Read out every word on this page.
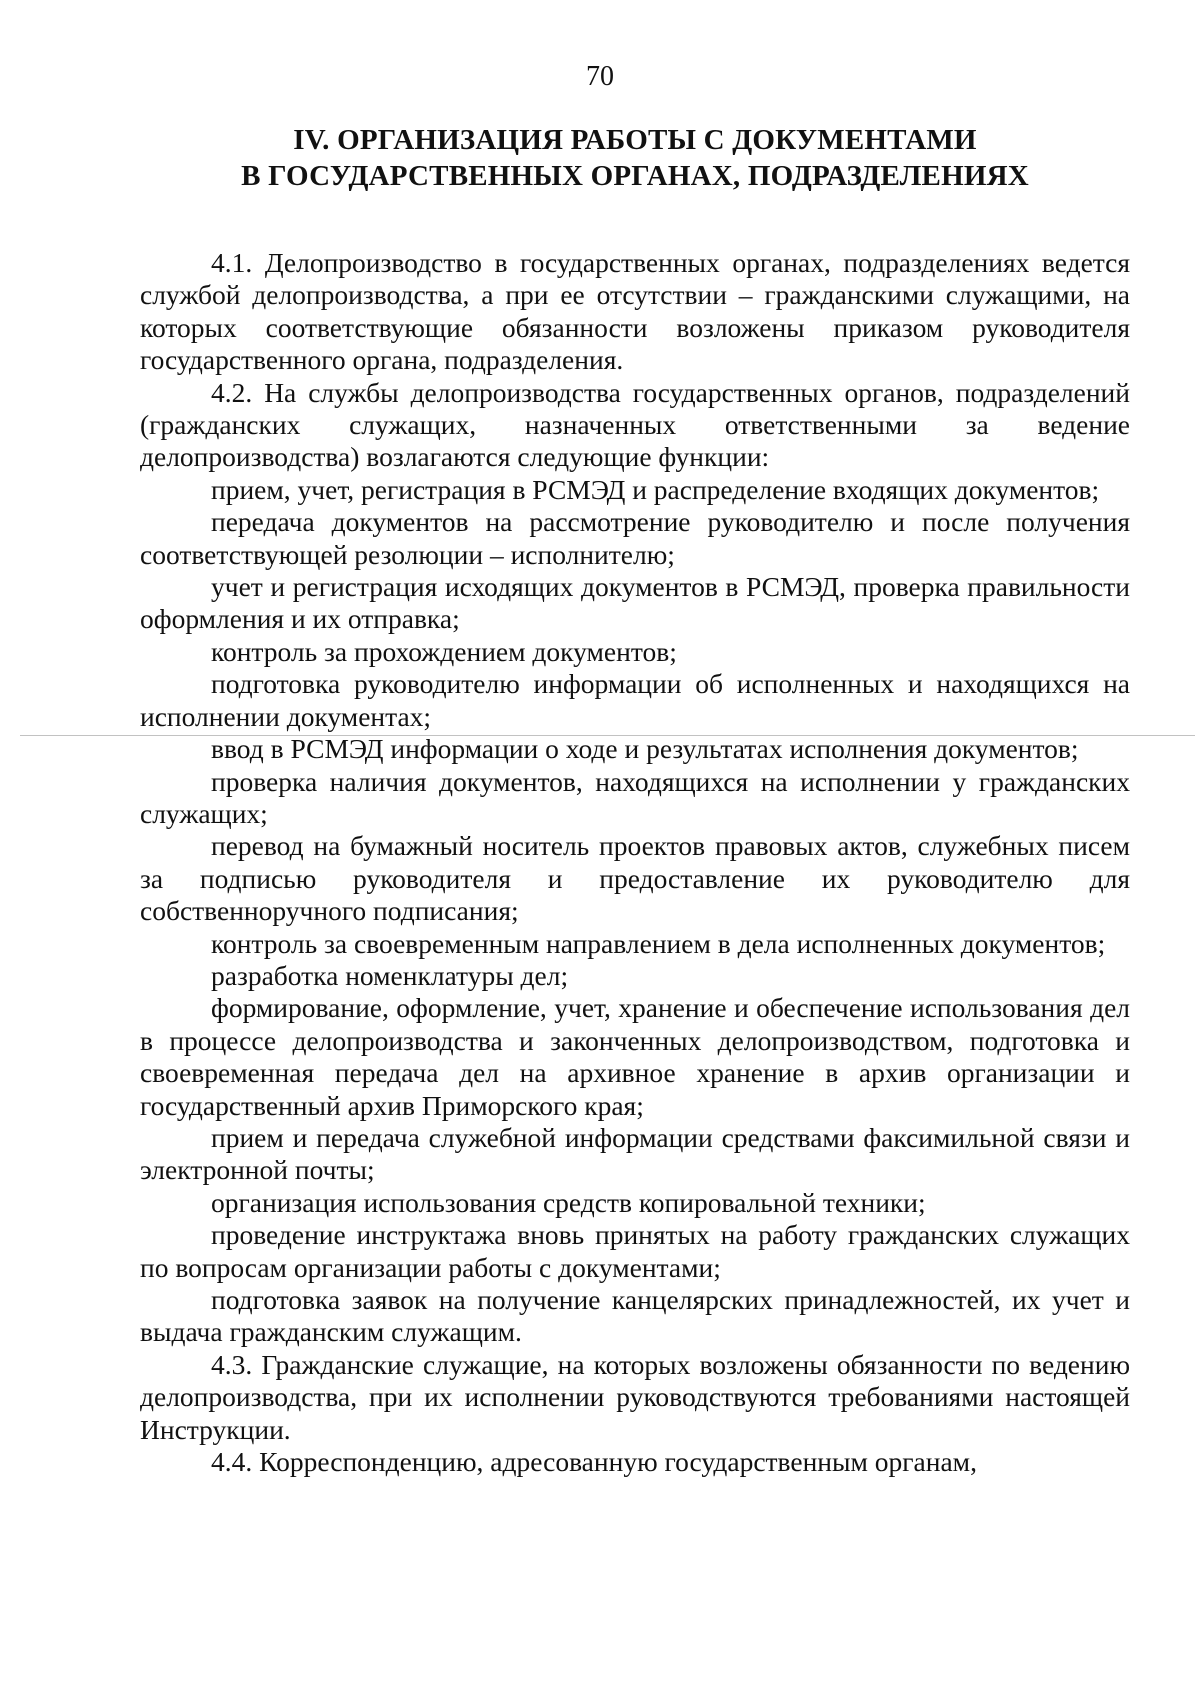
70
IV. ОРГАНИЗАЦИЯ РАБОТЫ С ДОКУМЕНТАМИ
В ГОСУДАРСТВЕННЫХ ОРГАНАХ, ПОДРАЗДЕЛЕНИЯХ

4.1. Делопроизводство в государственных органах, подразделениях ведется службой делопроизводства, а при ее отсутствии – гражданскими служащими, на которых соответствующие обязанности возложены приказом руководителя государственного органа, подразделения.

4.2. На службы делопроизводства государственных органов, подразделений (гражданских служащих, назначенных ответственными за ведение делопроизводства) возлагаются следующие функции:

прием, учет, регистрация в РСМЭД и распределение входящих документов;

передача документов на рассмотрение руководителю и после получения соответствующей резолюции – исполнителю;

учет и регистрация исходящих документов в РСМЭД, проверка правильности оформления и их отправка;

контроль за прохождением документов;

подготовка руководителю информации об исполненных и находящихся на исполнении документах;

ввод в РСМЭД информации о ходе и результатах исполнения документов;

проверка наличия документов, находящихся на исполнении у гражданских служащих;

перевод на бумажный носитель проектов правовых актов, служебных писем за подписью руководителя и предоставление их руководителю для собственноручного подписания;

контроль за своевременным направлением в дела исполненных документов;

разработка номенклатуры дел;

формирование, оформление, учет, хранение и обеспечение использования дел в процессе делопроизводства и законченных делопроизводством, подготовка и своевременная передача дел на архивное хранение в архив организации и государственный архив Приморского края;

прием и передача служебной информации средствами факсимильной связи и электронной почты;

организация использования средств копировальной техники;

проведение инструктажа вновь принятых на работу гражданских служащих по вопросам организации работы с документами;

подготовка заявок на получение канцелярских принадлежностей, их учет и выдача гражданским служащим.

4.3. Гражданские служащие, на которых возложены обязанности по ведению делопроизводства, при их исполнении руководствуются требованиями настоящей Инструкции.

4.4. Корреспонденцию, адресованную государственным органам,
